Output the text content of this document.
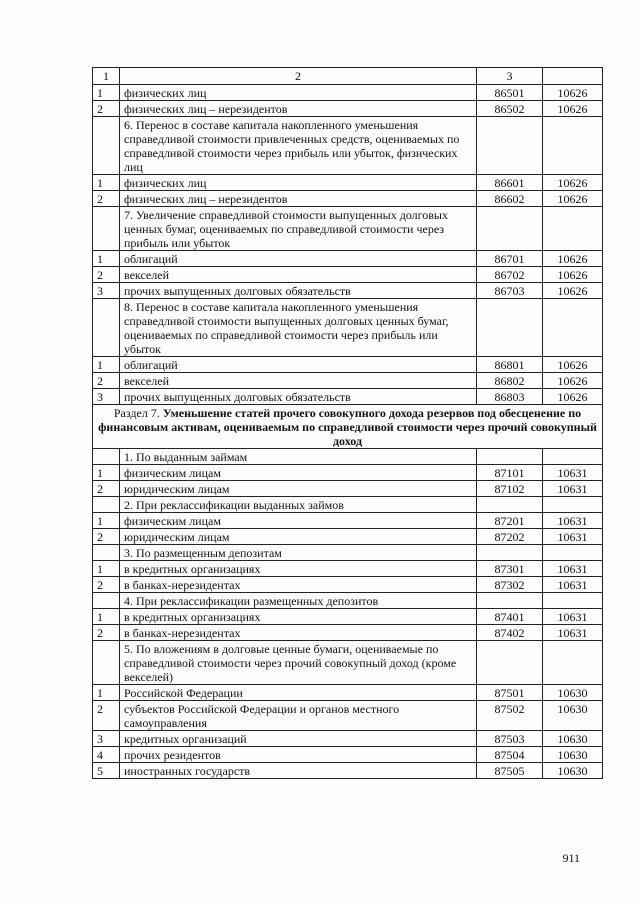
1	2	3	
1	физических лиц	86501	10626
2	физических лиц – нерезидентов	86502	10626
	6. Перенос в составе капитала накопленного уменьшения справедливой стоимости привлеченных средств, оцениваемых по справедливой стоимости через прибыль или убыток, физических лиц		
1	физических лиц	86601	10626
2	физических лиц – нерезидентов	86602	10626
	7. Увеличение справедливой стоимости выпущенных долговых ценных бумаг, оцениваемых по справедливой стоимости через прибыль или убыток		
1	облигаций	86701	10626
2	векселей	86702	10626
3	прочих выпущенных долговых обязательств	86703	10626
	8. Перенос в составе капитала накопленного уменьшения справедливой стоимости выпущенных долговых ценных бумаг, оцениваемых по справедливой стоимости через прибыль или убыток		
1	облигаций	86801	10626
2	векселей	86802	10626
3	прочих выпущенных долговых обязательств	86803	10626
Раздел 7. Уменьшение статей прочего совокупного дохода резервов под обесценение по финансовым активам, оцениваемым по справедливой стоимости через прочий совокупный доход			
	1. По выданным займам		
1	физическим лицам	87101	10631
2	юридическим лицам	87102	10631
	2. При реклассификации выданных займов		
1	физическим лицам	87201	10631
2	юридическим лицам	87202	10631
	3. По размещенным депозитам		
1	в кредитных организациях	87301	10631
2	в банках-нерезидентах	87302	10631
	4. При реклассификации размещенных депозитов		
1	в кредитных организациях	87401	10631
2	в банках-нерезидентах	87402	10631
	5. По вложениям в долговые ценные бумаги, оцениваемые по справедливой стоимости через прочий совокупный доход (кроме векселей)		
1	Российской Федерации	87501	10630
2	субъектов Российской Федерации и органов местного самоуправления	87502	10630
3	кредитных организаций	87503	10630
4	прочих резидентов	87504	10630
5	иностранных государств	87505	10630
911
